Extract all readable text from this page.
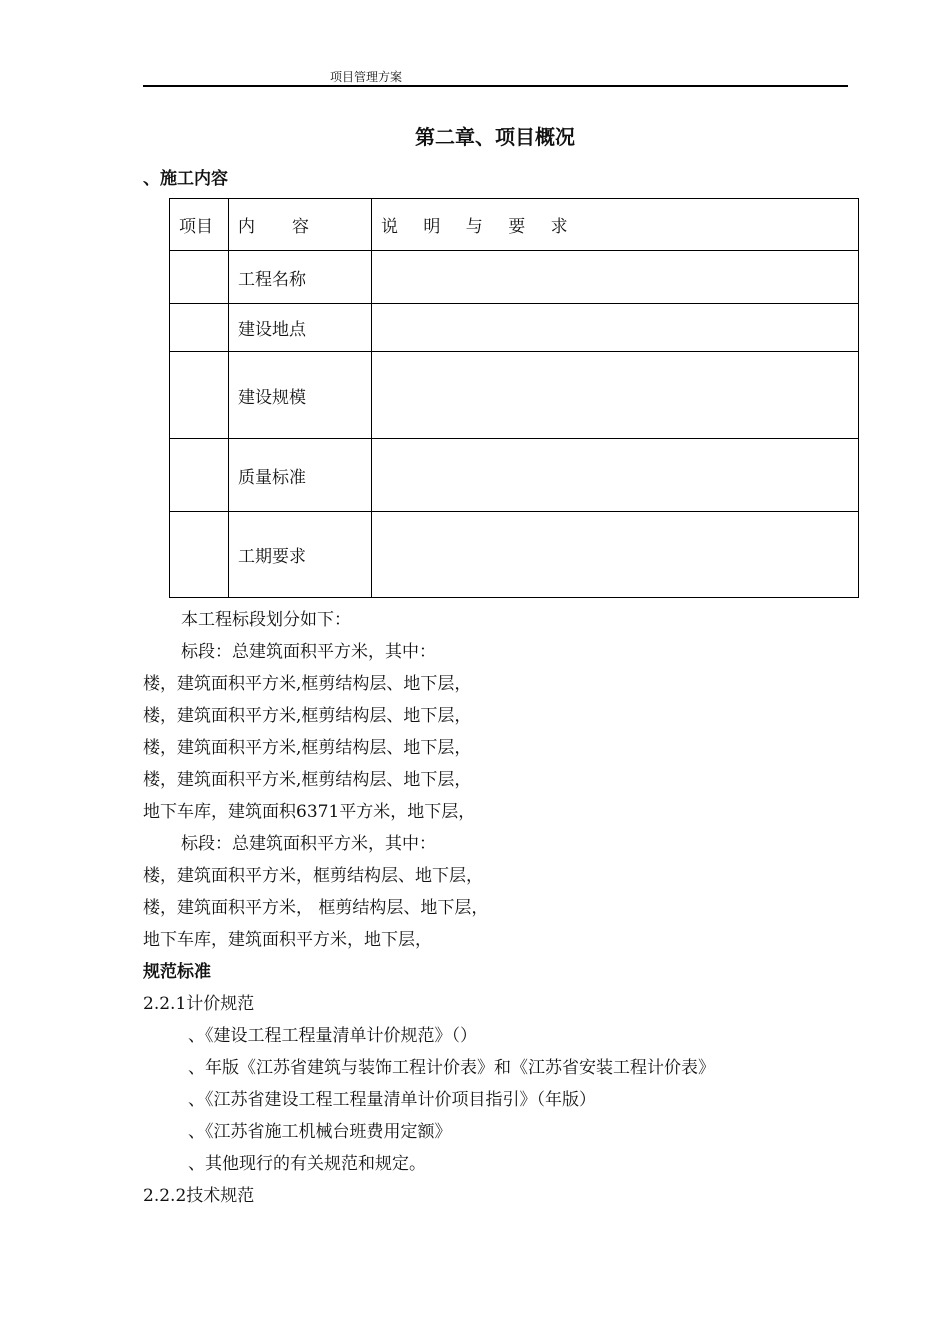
项目管理方案
第二章、项目概况
、施工内容
项目	内　容	说 明 与 要 求
	工程名称	
	建设地点	
	建设规模	
	质量标准	
	工期要求	
本工程标段划分如下：
标段：总建筑面积平方米，其中：
楼，建筑面积平方米,框剪结构层、地下层，
楼，建筑面积平方米,框剪结构层、地下层，
楼，建筑面积平方米,框剪结构层、地下层，
楼，建筑面积平方米,框剪结构层、地下层，
地下车库，建筑面积6371平方米，地下层，
标段：总建筑面积平方米，其中：
楼，建筑面积平方米，框剪结构层、地下层，
楼，建筑面积平方米， 框剪结构层、地下层，
地下车库，建筑面积平方米，地下层，
规范标准
2.2.1计价规范
、《建设工程工程量清单计价规范》（）
、年版《江苏省建筑与装饰工程计价表》和《江苏省安装工程计价表》
、《江苏省建设工程工程量清单计价项目指引》（年版）
、《江苏省施工机械台班费用定额》
、其他现行的有关规范和规定。
2.2.2技术规范
